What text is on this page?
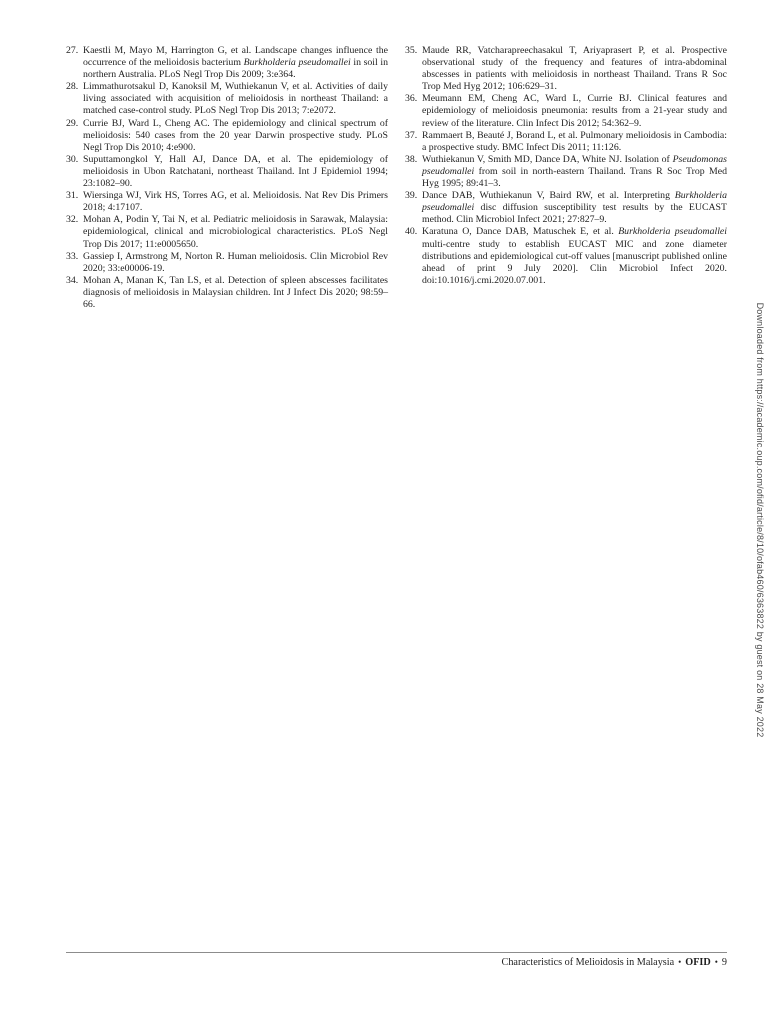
27. Kaestli M, Mayo M, Harrington G, et al. Landscape changes influence the occurrence of the melioidosis bacterium Burkholderia pseudomallei in soil in northern Australia. PLoS Negl Trop Dis 2009; 3:e364.
28. Limmathurotsakul D, Kanoksil M, Wuthiekanun V, et al. Activities of daily living associated with acquisition of melioidosis in northeast Thailand: a matched case-control study. PLoS Negl Trop Dis 2013; 7:e2072.
29. Currie BJ, Ward L, Cheng AC. The epidemiology and clinical spectrum of melioidosis: 540 cases from the 20 year Darwin prospective study. PLoS Negl Trop Dis 2010; 4:e900.
30. Suputtamongkol Y, Hall AJ, Dance DA, et al. The epidemiology of melioidosis in Ubon Ratchatani, northeast Thailand. Int J Epidemiol 1994; 23:1082–90.
31. Wiersinga WJ, Virk HS, Torres AG, et al. Melioidosis. Nat Rev Dis Primers 2018; 4:17107.
32. Mohan A, Podin Y, Tai N, et al. Pediatric melioidosis in Sarawak, Malaysia: epidemiological, clinical and microbiological characteristics. PLoS Negl Trop Dis 2017; 11:e0005650.
33. Gassiep I, Armstrong M, Norton R. Human melioidosis. Clin Microbiol Rev 2020; 33:e00006-19.
34. Mohan A, Manan K, Tan LS, et al. Detection of spleen abscesses facilitates diagnosis of melioidosis in Malaysian children. Int J Infect Dis 2020; 98:59–66.
35. Maude RR, Vatcharapreechasakul T, Ariyaprasert P, et al. Prospective observational study of the frequency and features of intra-abdominal abscesses in patients with melioidosis in northeast Thailand. Trans R Soc Trop Med Hyg 2012; 106:629–31.
36. Meumann EM, Cheng AC, Ward L, Currie BJ. Clinical features and epidemiology of melioidosis pneumonia: results from a 21-year study and review of the literature. Clin Infect Dis 2012; 54:362–9.
37. Rammaert B, Beauté J, Borand L, et al. Pulmonary melioidosis in Cambodia: a prospective study. BMC Infect Dis 2011; 11:126.
38. Wuthiekanun V, Smith MD, Dance DA, White NJ. Isolation of Pseudomonas pseudomallei from soil in north-eastern Thailand. Trans R Soc Trop Med Hyg 1995; 89:41–3.
39. Dance DAB, Wuthiekanun V, Baird RW, et al. Interpreting Burkholderia pseudomallei disc diffusion susceptibility test results by the EUCAST method. Clin Microbiol Infect 2021; 27:827–9.
40. Karatuna O, Dance DAB, Matuschek E, et al. Burkholderia pseudomallei multi-centre study to establish EUCAST MIC and zone diameter distributions and epidemiological cut-off values [manuscript published online ahead of print 9 July 2020]. Clin Microbiol Infect 2020. doi:10.1016/j.cmi.2020.07.001.
Downloaded from https://academic.oup.com/ofid/article/8/10/ofab460/6363822 by guest on 28 May 2022
Characteristics of Melioidosis in Malaysia • OFID • 9
